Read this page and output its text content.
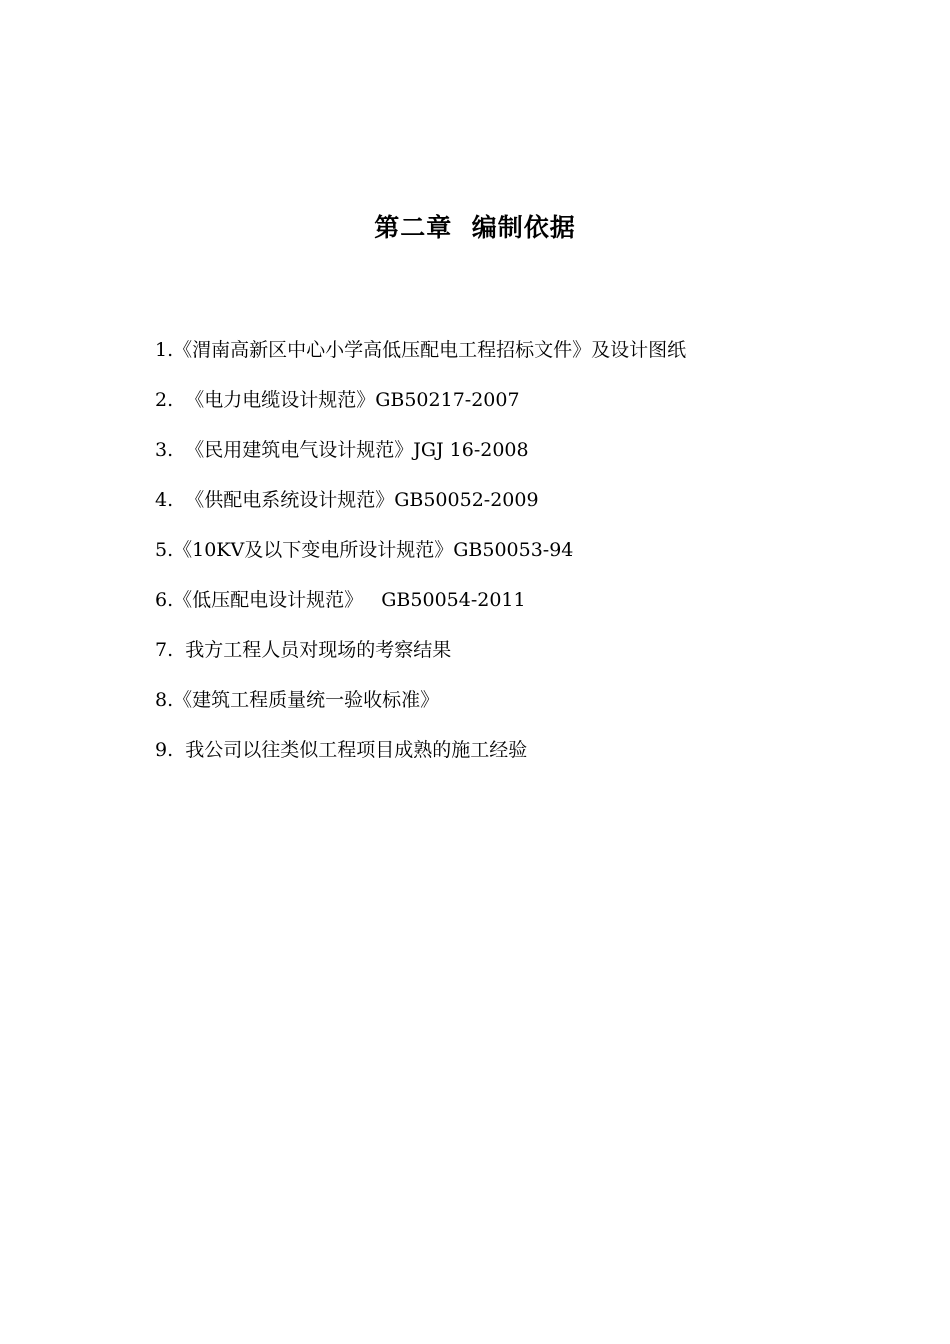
第二章  编制依据
1.《渭南高新区中心小学高低压配电工程招标文件》及设计图纸
2.  《电力电缆设计规范》GB50217-2007
3.  《民用建筑电气设计规范》JGJ 16-2008
4.  《供配电系统设计规范》GB50052-2009
5.《10KV及以下变电所设计规范》GB50053-94
6.《低压配电设计规范》   GB50054-2011
7.  我方工程人员对现场的考察结果
8.《建筑工程质量统一验收标准》
9.  我公司以往类似工程项目成熟的施工经验
